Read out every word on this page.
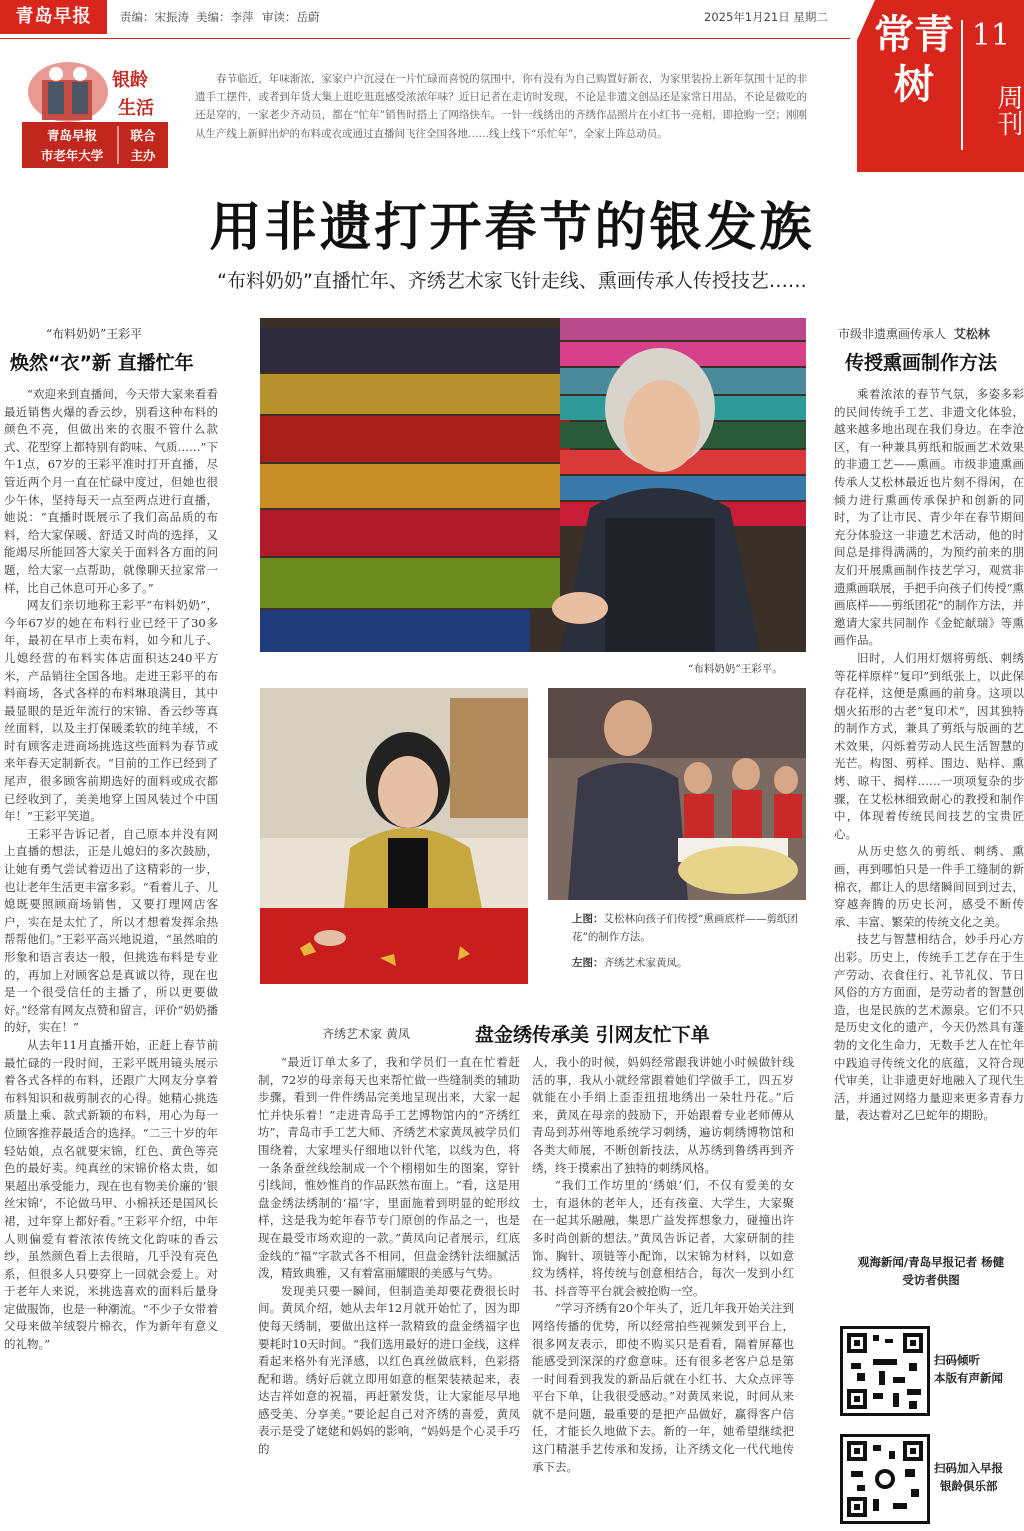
青岛早报	责编：宋振涛 美编：李萍 审读：岳蔚	2025年1月21日 星期二 常青树
11
周刊
银龄
生活
青岛早报
市老年大学
联合
主办
春节临近，年味渐浓，家家户户沉浸在一片忙碌而喜悦的氛围中，你有没有为自己购置好新衣，为家里装扮上新年氛围十足的非遗手工摆件，或者到年货大集上逛吃逛逛感受浓浓年味？近日记者在走访时发现，不论是非遗文创品还是家常日用品，不论是做吃的还是穿的，一家老少齐动员，都在“忙年”销售时搭上了网络快车。一针一线绣出的齐绣作品照片在小红书一亮相，即抢购一空；刚刚从生产线上新鲜出炉的布料或衣或通过直播间飞往全国各地……线上线下“乐忙年”，全家上阵总动员。
用非遗打开春节的银发族
“布料奶奶”直播忙年、齐绣艺术家飞针走线、熏画传承人传授技艺……
“布料奶奶”王彩平
焕然“衣”新 直播忙年

“欢迎来到直播间，今天带大家来看看最近销售火爆的香云纱，别看这种布料的颜色不亮，但做出来的衣服不管什么款式、花型穿上都特别有韵味、气质……”下午1点，67岁的王彩平准时打开直播，尽管近两个月一直在忙碌中度过，但她也很少午休，坚持每天一点至两点进行直播，她说：“直播时既展示了我们高品质的布料，给大家保暖、舒适又时尚的选择，又能竭尽所能回答大家关于面料各方面的问题，给大家一点帮助，就像聊天拉家常一样，比自己休息可开心多了。”

网友们亲切地称王彩平“布料奶奶”，今年67岁的她在布料行业已经干了30多年，最初在早市上卖布料，如今和儿子、儿媳经营的布料实体店面积达240平方米，产品销往全国各地。走进王彩平的布料商场，各式各样的布料琳琅满目，其中最显眼的是近年流行的宋锦、香云纱等真丝面料，以及主打保暖柔软的纯羊绒，不时有顾客走进商场挑选这些面料为春节或来年春天定制新衣。“目前的工作已经到了尾声，很多顾客前期选好的面料或成衣都已经收到了，美美地穿上国风装过个中国年！”王彩平笑道。

王彩平告诉记者，自己原本并没有网上直播的想法，正是儿媳妇的多次鼓励，让她有勇气尝试着迈出了这精彩的一步，也让老年生活更丰富多彩。“看着儿子、儿媳既要照顾商场销售，又要打理网店客户，实在是太忙了，所以才想着发挥余热帮帮他们。”王彩平高兴地说道，“虽然咱的形象和语言表达一般，但挑选布料是专业的，再加上对顾客总是真诚以待，现在也是一个很受信任的主播了，所以更要做好。”经常有网友点赞和留言，评价“奶奶播的好，实在！”

从去年11月直播开始，正赶上春节前最忙碌的一段时间，王彩平既用镜头展示着各式各样的布料，还跟广大网友分享着布料知识和裁剪制衣的心得。她精心挑选质量上乘、款式新颖的布料，用心为每一位顾客推荐最适合的选择。“二三十岁的年轻姑娘，点名就要宋锦，红色、黄色等亮色的最好卖。纯真丝的宋锦价格太贵，如果超出承受能力，现在也有物美价廉的‘银丝宋锦’，不论做马甲、小棉袄还是国风长裙，过年穿上都好看。”王彩平介绍，中年人则偏爱有着浓浓传统文化韵味的香云纱，虽然颜色看上去很暗，几乎没有亮色系，但很多人只要穿上一回就会爱上。对于老年人来说，米挑选喜欢的面料后量身定做服饰，也是一种潮流。“不少子女带着父母来做羊绒裂片棉衣，作为新年有意义的礼物。”

“布料奶奶”王彩平。
上图：艾松林向孩子们传授“熏画底样——剪纸团花”的制作方法。
左图：齐绣艺术家黄凤。
齐绣艺术家 黄凤	盘金绣传承美 引网友忙下单

“最近订单太多了，我和学员们一直在忙着赶制，72岁的母亲每天也来帮忙做一些缝制类的辅助步骤，看到一件件绣品完美地呈现出来，大家一起忙并快乐着！”走进青岛手工艺博物馆内的“齐绣红坊”，青岛市手工艺大师、齐绣艺术家黄凤被学员们围绕着，大家埋头仔细地以针代笔，以线为色，将一条条蚕丝线绘制成一个个栩栩如生的图案，穿针引线间，惟妙惟肖的作品跃然布面上。“看，这是用盘金绣法绣制的‘福’字，里面施着到明显的蛇形纹样，这是我为蛇年春节专门原创的作品之一，也是现在最受市场欢迎的一款。”黄凤向记者展示，红底金线的“福”字款式各不相同，但盘金绣针法细腻活泼，精致典雅，又有着富丽耀眼的美感与气势。

发现美只要一瞬间，但制造美却要花费很长时间。黄凤介绍，她从去年12月就开始忙了，因为即使每天绣制，要做出这样一款精致的盘金绣福字也要耗时10天时间。“我们选用最好的进口金线，这样看起来格外有光泽感，以红色真丝做底料，色彩搭配和谐。绣好后就立即用如意的框架装裱起来，表达吉祥如意的祝福，再赶紧发货，让大家能尽早地感受美、分享美。”要论起自己对齐绣的喜爱，黄凤表示是受了姥姥和妈妈的影响，“妈妈是个心灵手巧的

人，我小的时候，妈妈经常跟我讲她小时候做针线活的事，我从小就经常跟着她们学做手工，四五岁就能在小手绢上歪歪扭扭地绣出一朵牡丹花。”后来，黄凤在母亲的鼓励下，开始跟着专业老师傅从青岛到苏州等地系统学习刺绣，遍访刺绣博物馆和各类大师展，不断创新技法，从苏绣到鲁绣再到齐绣，终于摸索出了独特的刺绣风格。

“我们工作坊里的‘绣娘’们，不仅有爱美的女士，有退休的老年人，还有孩童、大学生，大家聚在一起其乐融融，集思广益发挥想象力，碰撞出许多时尚创新的想法。”黄凤告诉记者，大家研制的挂饰、胸针、项链等小配饰，以宋锦为材料，以如意纹为绣样，将传统与创意相结合，每次一发到小红书、抖音等平台就会被抢购一空。

“学习齐绣有20个年头了，近几年我开始关注到网络传播的优势，所以经常拍些视频发到平台上，很多网友表示，即使不购买只是看看，隔着屏幕也能感受到深深的疗愈意味。还有很多老客户总是第一时间看到我发的新品后就在小红书、大众点评等平台下单，让我很受感动。”对黄凤来说，时间从来就不是问题，最重要的是把产品做好，赢得客户信任，才能长久地做下去。新的一年，她希望继续把这门精湛手艺传承和发扬，让齐绣文化一代代地传承下去。

市级非遗熏画传承人 艾松林
传授熏画制作方法

乘着浓浓的春节气氛，多姿多彩的民间传统手工艺、非遗文化体验，越来越多地出现在我们身边。在李沧区，有一种兼具剪纸和版画艺术效果的非遗工艺——熏画。市级非遗熏画传承人艾松林最近也片刻不得闲，在倾力进行熏画传承保护和创新的同时，为了让市民、青少年在春节期间充分体验这一非遗艺术活动，他的时间总是排得满满的，为预约前来的朋友们开展熏画制作技艺学习，观赏非遗熏画联展，手把手向孩子们传授“熏画底样——剪纸团花”的制作方法，并邀请大家共同制作《金蛇献瑞》等熏画作品。

旧时，人们用灯烟将剪纸、刺绣等花样原样“复印”到纸张上，以此保存花样，这便是熏画的前身。这项以烟火拓形的古老“复印术”，因其独特的制作方式，兼具了剪纸与版画的艺术效果，闪烁着劳动人民生活智慧的光芒。构图、剪样、围边、贴样、熏烤、晾干、揭样……一项项复杂的步骤，在艾松林细致耐心的教授和制作中，体现着传统民间技艺的宝贵匠心。

从历史悠久的剪纸、刺绣、熏画，再到哪怕只是一件手工缝制的新棉衣，都让人的思绪瞬间回到过去，穿越奔腾的历史长河，感受不断传承、丰富、繁荣的传统文化之美。

技艺与智慧相结合，妙手丹心方出彩。历史上，传统手工艺存在于生产劳动、衣食住行、礼节礼仪、节日风俗的方方面面，是劳动者的智慧创造，也是民族的艺术源泉。它们不只是历史文化的遗产，今天仍然具有蓬勃的文化生命力，无数手艺人在忙年中践追寻传统文化的底蕴，又符合现代审美，让非遗更好地融入了现代生活，并通过网络力量迎来更多青春力量，表达着对乙巳蛇年的期盼。

观海新闻/青岛早报记者 杨健
受访者供图
扫码倾听
本版有声新闻
扫码加入早报
银龄俱乐部
